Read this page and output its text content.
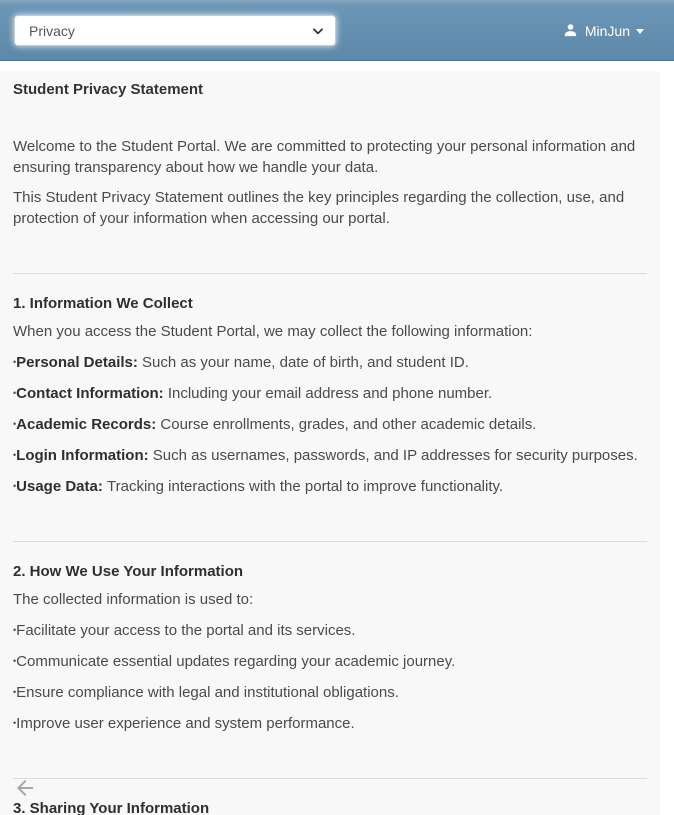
Privacy
MinJun
Student Privacy Statement

Welcome to the Student Portal. We are committed to protecting your personal information and ensuring transparency about how we handle your data.

This Student Privacy Statement outlines the key principles regarding the collection, use, and protection of your information when accessing our portal.

1. Information We Collect

When you access the Student Portal, we may collect the following information:

•Personal Details: Such as your name, date of birth, and student ID.

•Contact Information: Including your email address and phone number.

•Academic Records: Course enrollments, grades, and other academic details.

•Login Information: Such as usernames, passwords, and IP addresses for security purposes.

•Usage Data: Tracking interactions with the portal to improve functionality.

2. How We Use Your Information

The collected information is used to:

•Facilitate your access to the portal and its services.

•Communicate essential updates regarding your academic journey.

•Ensure compliance with legal and institutional obligations.

•Improve user experience and system performance.

3. Sharing Your Information
